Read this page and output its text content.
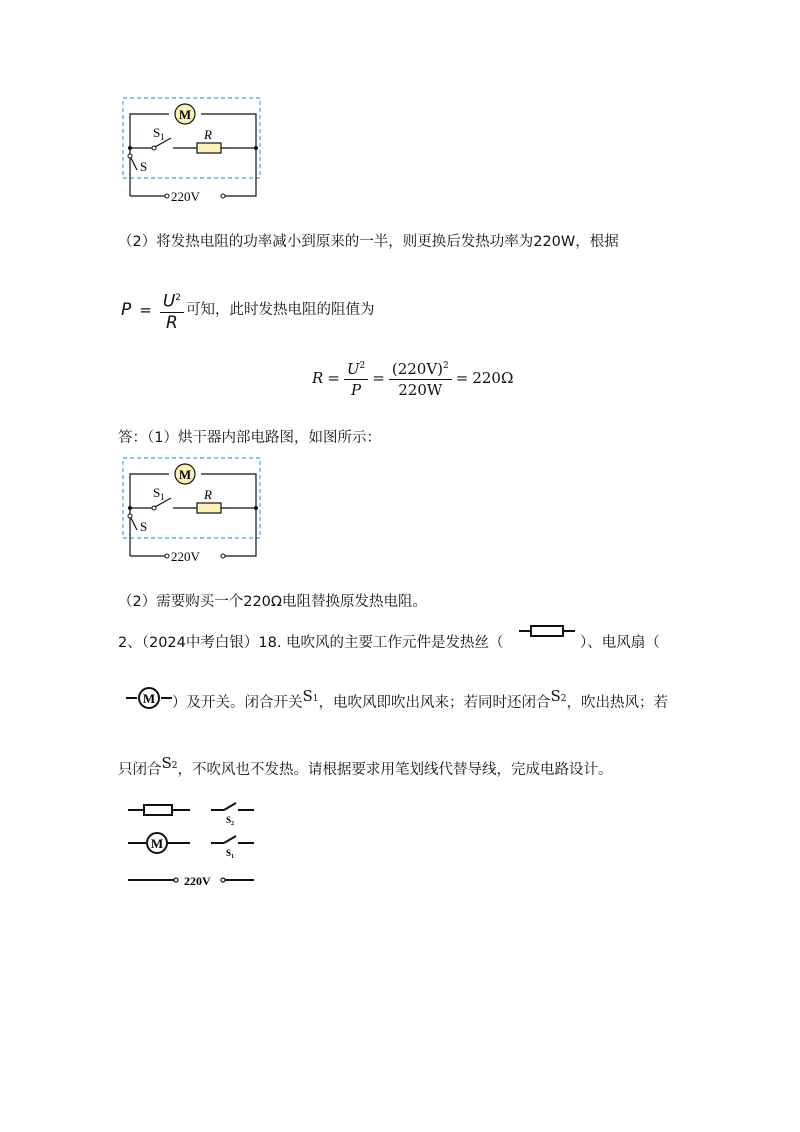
M
$S_1$	R
S
220V
（2）将发热电阻的功率减小到原来的一半，则更换后发热功率为220W，根据
$P = \frac{U^2}{R}$ 可知，此时发热电阻的阻值为
$R = \frac{U^2}{P} = \frac{(220V)^2}{220W} = 220\Omega$
答：（1）烘干器内部电路图，如图所示：
M
$S_1$	R
S
220V
（2）需要购买一个220Ω电阻替换原发热电阻。
2、（2024中考白银）18. 电吹风的主要工作元件是发热丝（	）、电风扇（
M ）及开关。闭合开关 S1 ，电吹风即吹出风来；若同时还闭合 S2 ，吹出热风；若
只闭合 S2 ，不吹风也不发热。请根据要求用笔划线代替导线，完成电路设计。
$S_2$
M
$S_1$
220V
